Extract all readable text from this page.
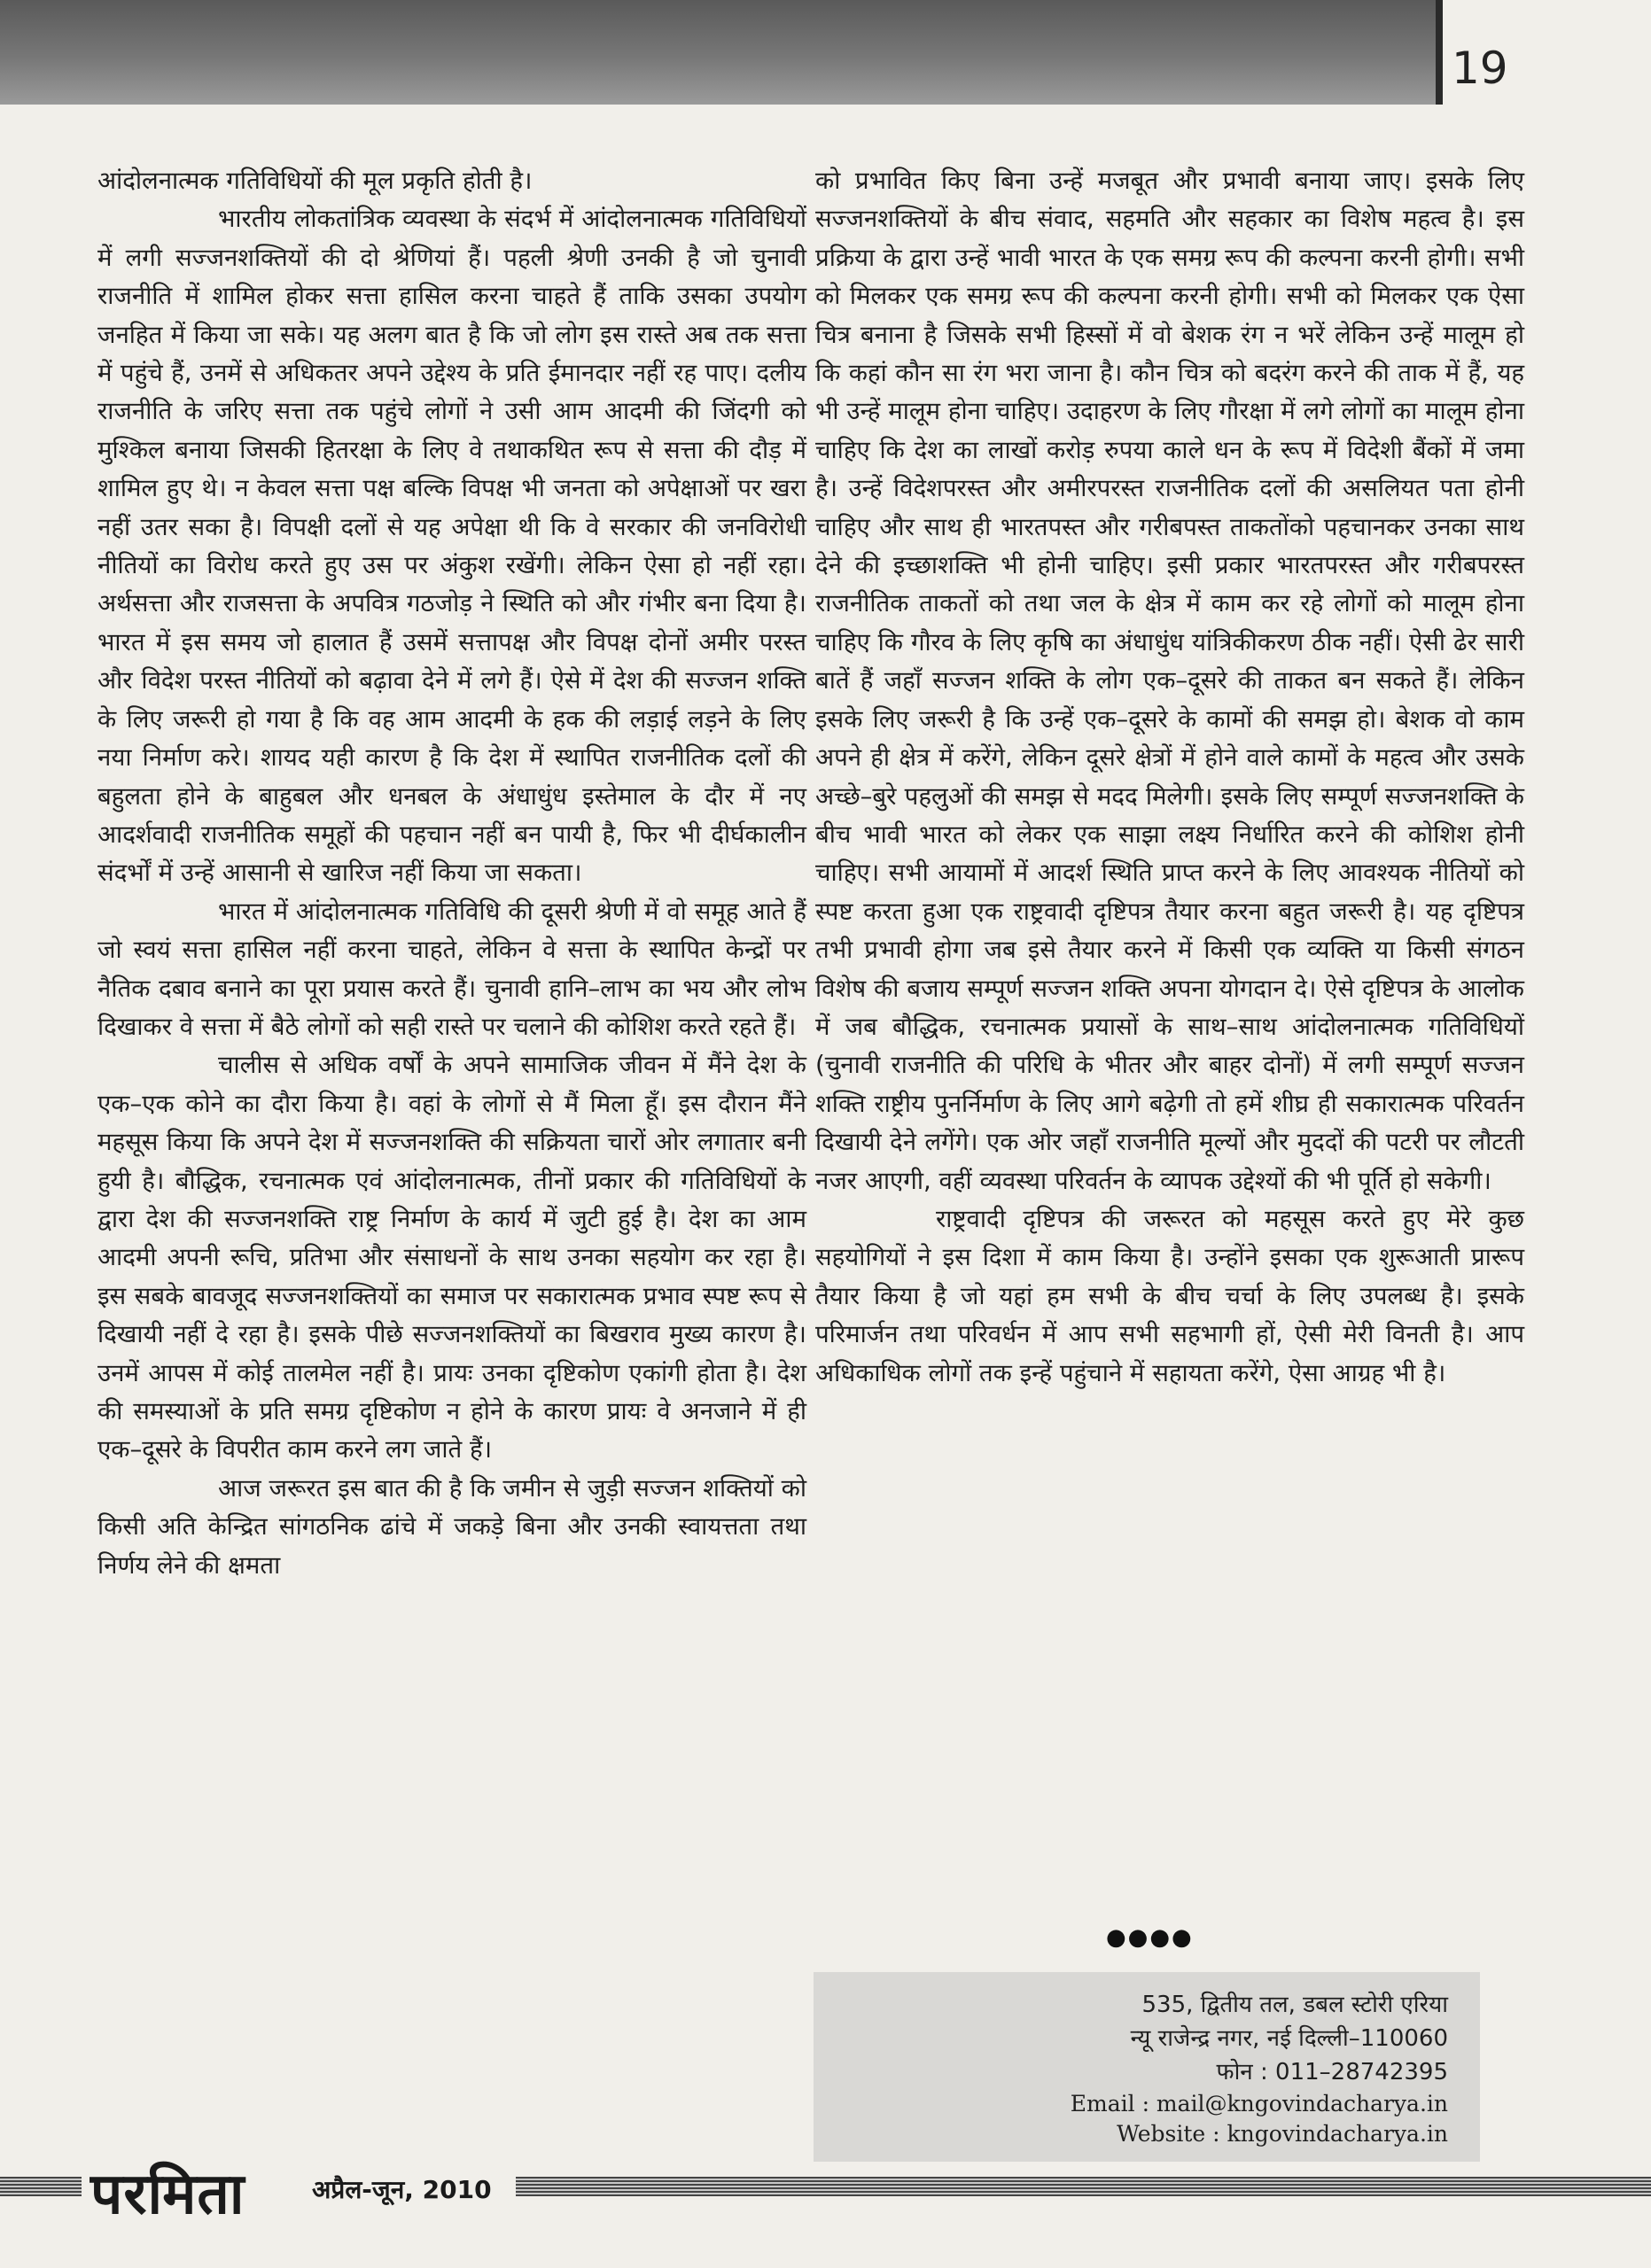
19

आंदोलनात्मक गतिविधियों की मूल प्रकृति होती है।

भारतीय लोकतांत्रिक व्यवस्था के संदर्भ में आंदोलनात्मक गतिविधियों में लगी सज्जनशक्तियों की दो श्रेणियां हैं। पहली श्रेणी उनकी है जो चुनावी राजनीति में शामिल होकर सत्ता हासिल करना चाहते हैं ताकि उसका उपयोग जनहित में किया जा सके। यह अलग बात है कि जो लोग इस रास्ते अब तक सत्ता में पहुंचे हैं, उनमें से अधिकतर अपने उद्देश्य के प्रति ईमानदार नहीं रह पाए। दलीय राजनीति के जरिए सत्ता तक पहुंचे लोगों ने उसी आम आदमी की जिंदगी को मुश्किल बनाया जिसकी हितरक्षा के लिए वे तथाकथित रूप से सत्ता की दौड़ में शामिल हुए थे। न केवल सत्ता पक्ष बल्कि विपक्ष भी जनता को अपेक्षाओं पर खरा नहीं उतर सका है। विपक्षी दलों से यह अपेक्षा थी कि वे सरकार की जनविरोधी नीतियों का विरोध करते हुए उस पर अंकुश रखेंगी। लेकिन ऐसा हो नहीं रहा। अर्थसत्ता और राजसत्ता के अपवित्र गठजोड़ ने स्थिति को और गंभीर बना दिया है। भारत में इस समय जो हालात हैं उसमें सत्तापक्ष और विपक्ष दोनों अमीर परस्त और विदेश परस्त नीतियों को बढ़ावा देने में लगे हैं। ऐसे में देश की सज्जन शक्ति के लिए जरूरी हो गया है कि वह आम आदमी के हक की लड़ाई लड़ने के लिए नया निर्माण करे। शायद यही कारण है कि देश में स्थापित राजनीतिक दलों की बहुलता होने के बाहुबल और धनबल के अंधाधुंध इस्तेमाल के दौर में नए आदर्शवादी राजनीतिक समूहों की पहचान नहीं बन पायी है, फिर भी दीर्घकालीन संदर्भों में उन्हें आसानी से खारिज नहीं किया जा सकता।

भारत में आंदोलनात्मक गतिविधि की दूसरी श्रेणी में वो समूह आते हैं जो स्वयं सत्ता हासिल नहीं करना चाहते, लेकिन वे सत्ता के स्थापित केन्द्रों पर नैतिक दबाव बनाने का पूरा प्रयास करते हैं। चुनावी हानि–लाभ का भय और लोभ दिखाकर वे सत्ता में बैठे लोगों को सही रास्ते पर चलाने की कोशिश करते रहते हैं।

चालीस से अधिक वर्षों के अपने सामाजिक जीवन में मैंने देश के एक–एक कोने का दौरा किया है। वहां के लोगों से मैं मिला हूँ। इस दौरान मैंने महसूस किया कि अपने देश में सज्जनशक्ति की सक्रियता चारों ओर लगातार बनी हुयी है। बौद्धिक, रचनात्मक एवं आंदोलनात्मक, तीनों प्रकार की गतिविधियों के द्वारा देश की सज्जनशक्ति राष्ट्र निर्माण के कार्य में जुटी हुई है। देश का आम आदमी अपनी रूचि, प्रतिभा और संसाधनों के साथ उनका सहयोग कर रहा है। इस सबके बावजूद सज्जनशक्तियों का समाज पर सकारात्मक प्रभाव स्पष्ट रूप से दिखायी नहीं दे रहा है। इसके पीछे सज्जनशक्तियों का बिखराव मुख्य कारण है। उनमें आपस में कोई तालमेल नहीं है। प्रायः उनका दृष्टिकोण एकांगी होता है। देश की समस्याओं के प्रति समग्र दृष्टिकोण न होने के कारण प्रायः वे अनजाने में ही एक–दूसरे के विपरीत काम करने लग जाते हैं।

आज जरूरत इस बात की है कि जमीन से जुड़ी सज्जन शक्तियों को किसी अति केन्द्रित सांगठनिक ढांचे में जकड़े बिना और उनकी स्वायत्तता तथा निर्णय लेने की क्षमता

को प्रभावित किए बिना उन्हें मजबूत और प्रभावी बनाया जाए। इसके लिए सज्जनशक्तियों के बीच संवाद, सहमति और सहकार का विशेष महत्व है। इस प्रक्रिया के द्वारा उन्हें भावी भारत के एक समग्र रूप की कल्पना करनी होगी। सभी को मिलकर एक समग्र रूप की कल्पना करनी होगी। सभी को मिलकर एक ऐसा चित्र बनाना है जिसके सभी हिस्सों में वो बेशक रंग न भरें लेकिन उन्हें मालूम हो कि कहां कौन सा रंग भरा जाना है। कौन चित्र को बदरंग करने की ताक में हैं, यह भी उन्हें मालूम होना चाहिए। उदाहरण के लिए गौरक्षा में लगे लोगों का मालूम होना चाहिए कि देश का लाखों करोड़ रुपया काले धन के रूप में विदेशी बैंकों में जमा है। उन्हें विदेशपरस्त और अमीरपरस्त राजनीतिक दलों की असलियत पता होनी चाहिए और साथ ही भारतपस्त और गरीबपस्त ताकतोंको पहचानकर उनका साथ देने की इच्छाशक्ति भी होनी चाहिए। इसी प्रकार भारतपरस्त और गरीबपरस्त राजनीतिक ताकतों को तथा जल के क्षेत्र में काम कर रहे लोगों को मालूम होना चाहिए कि गौरव के लिए कृषि का अंधाधुंध यांत्रिकीकरण ठीक नहीं। ऐसी ढेर सारी बातें हैं जहाँ सज्जन शक्ति के लोग एक–दूसरे की ताकत बन सकते हैं। लेकिन इसके लिए जरूरी है कि उन्हें एक–दूसरे के कामों की समझ हो। बेशक वो काम अपने ही क्षेत्र में करेंगे, लेकिन दूसरे क्षेत्रों में होने वाले कामों के महत्व और उसके अच्छे–बुरे पहलुओं की समझ से मदद मिलेगी। इसके लिए सम्पूर्ण सज्जनशक्ति के बीच भावी भारत को लेकर एक साझा लक्ष्य निर्धारित करने की कोशिश होनी चाहिए। सभी आयामों में आदर्श स्थिति प्राप्त करने के लिए आवश्यक नीतियों को स्पष्ट करता हुआ एक राष्ट्रवादी दृष्टिपत्र तैयार करना बहुत जरूरी है। यह दृष्टिपत्र तभी प्रभावी होगा जब इसे तैयार करने में किसी एक व्यक्ति या किसी संगठन विशेष की बजाय सम्पूर्ण सज्जन शक्ति अपना योगदान दे। ऐसे दृष्टिपत्र के आलोक में जब बौद्धिक, रचनात्मक प्रयासों के साथ–साथ आंदोलनात्मक गतिविधियों (चुनावी राजनीति की परिधि के भीतर और बाहर दोनों) में लगी सम्पूर्ण सज्जन शक्ति राष्ट्रीय पुनर्निर्माण के लिए आगे बढ़ेगी तो हमें शीघ्र ही सकारात्मक परिवर्तन दिखायी देने लगेंगे। एक ओर जहाँ राजनीति मूल्यों और मुददों की पटरी पर लौटती नजर आएगी, वहीं व्यवस्था परिवर्तन के व्यापक उद्देश्यों की भी पूर्ति हो सकेगी।

राष्ट्रवादी दृष्टिपत्र की जरूरत को महसूस करते हुए मेरे कुछ सहयोगियों ने इस दिशा में काम किया है। उन्होंने इसका एक शुरूआती प्रारूप तैयार किया है जो यहां हम सभी के बीच चर्चा के लिए उपलब्ध है। इसके परिमार्जन तथा परिवर्धन में आप सभी सहभागी हों, ऐसी मेरी विनती है। आप अधिकाधिक लोगों तक इन्हें पहुंचाने में सहायता करेंगे, ऐसा आग्रह भी है।

●●●●
535, द्वितीय तल, डबल स्टोरी एरिया
न्यू राजेन्द्र नगर, नई दिल्ली–110060
फोन : 011–28742395
Email : mail@kngovindacharya.in
Website : kngovindacharya.in
परमिता	अप्रैल-जून, 2010
